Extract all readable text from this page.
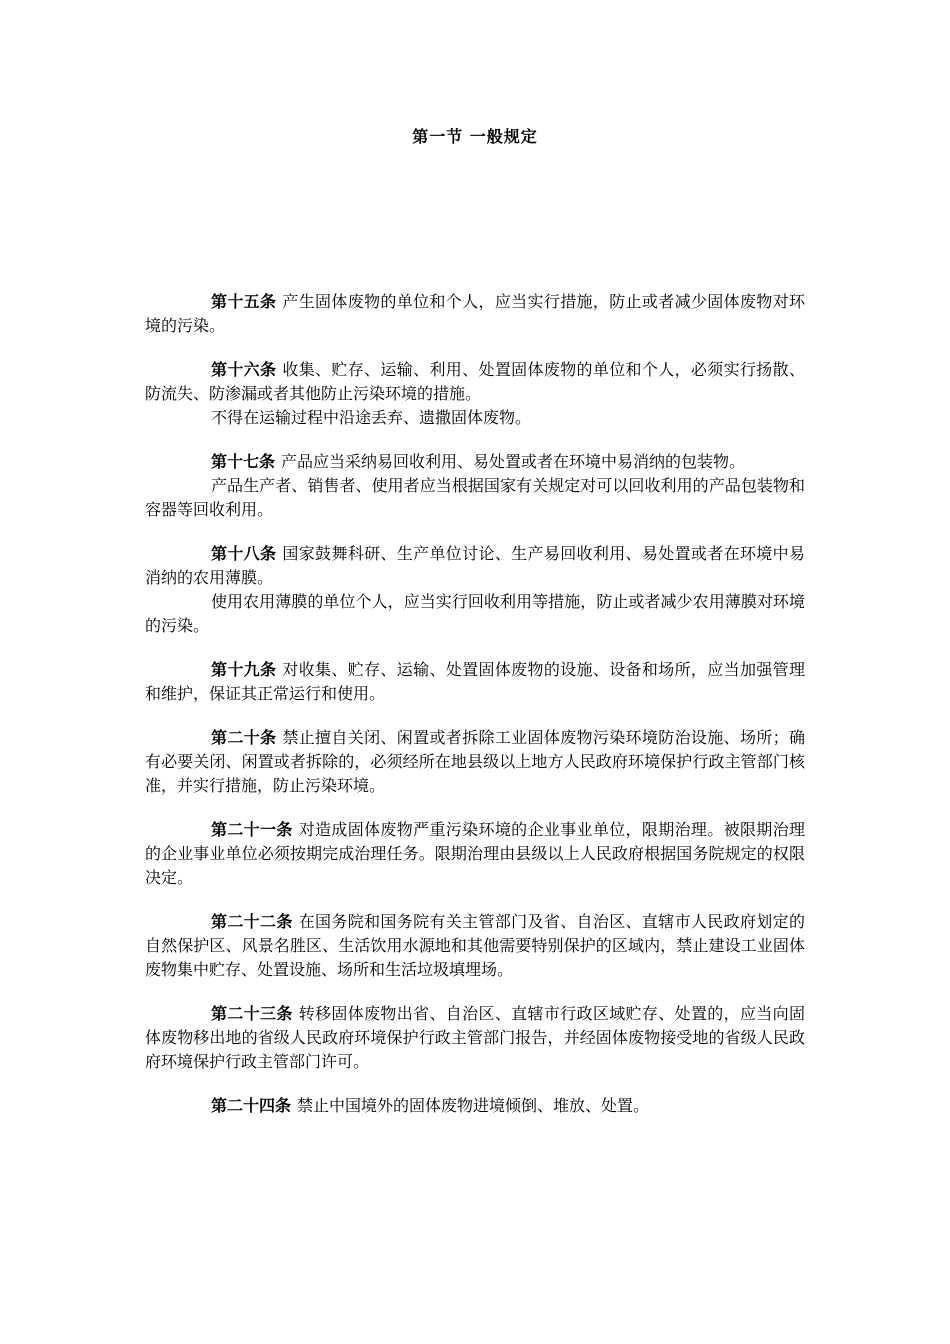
第一节 一般规定

第十五条 产生固体废物的单位和个人，应当实行措施，防止或者减少固体废物对环境的污染。

第十六条 收集、贮存、运输、利用、处置固体废物的单位和个人，必须实行扬散、防流失、防渗漏或者其他防止污染环境的措施。

不得在运输过程中沿途丢弃、遗撒固体废物。

第十七条 产品应当采纳易回收利用、易处置或者在环境中易消纳的包装物。

产品生产者、销售者、使用者应当根据国家有关规定对可以回收利用的产品包装物和容器等回收利用。

第十八条 国家鼓舞科研、生产单位讨论、生产易回收利用、易处置或者在环境中易消纳的农用薄膜。

使用农用薄膜的单位个人，应当实行回收利用等措施，防止或者减少农用薄膜对环境的污染。

第十九条 对收集、贮存、运输、处置固体废物的设施、设备和场所，应当加强管理和维护，保证其正常运行和使用。

第二十条 禁止擅自关闭、闲置或者拆除工业固体废物污染环境防治设施、场所；确有必要关闭、闲置或者拆除的，必须经所在地县级以上地方人民政府环境保护行政主管部门核准，并实行措施，防止污染环境。

第二十一条 对造成固体废物严重污染环境的企业事业单位，限期治理。被限期治理的企业事业单位必须按期完成治理任务。限期治理由县级以上人民政府根据国务院规定的权限决定。

第二十二条 在国务院和国务院有关主管部门及省、自治区、直辖市人民政府划定的自然保护区、风景名胜区、生活饮用水源地和其他需要特别保护的区域内，禁止建设工业固体废物集中贮存、处置设施、场所和生活垃圾填埋场。

第二十三条 转移固体废物出省、自治区、直辖市行政区域贮存、处置的，应当向固体废物移出地的省级人民政府环境保护行政主管部门报告，并经固体废物接受地的省级人民政府环境保护行政主管部门许可。

第二十四条 禁止中国境外的固体废物进境倾倒、堆放、处置。
